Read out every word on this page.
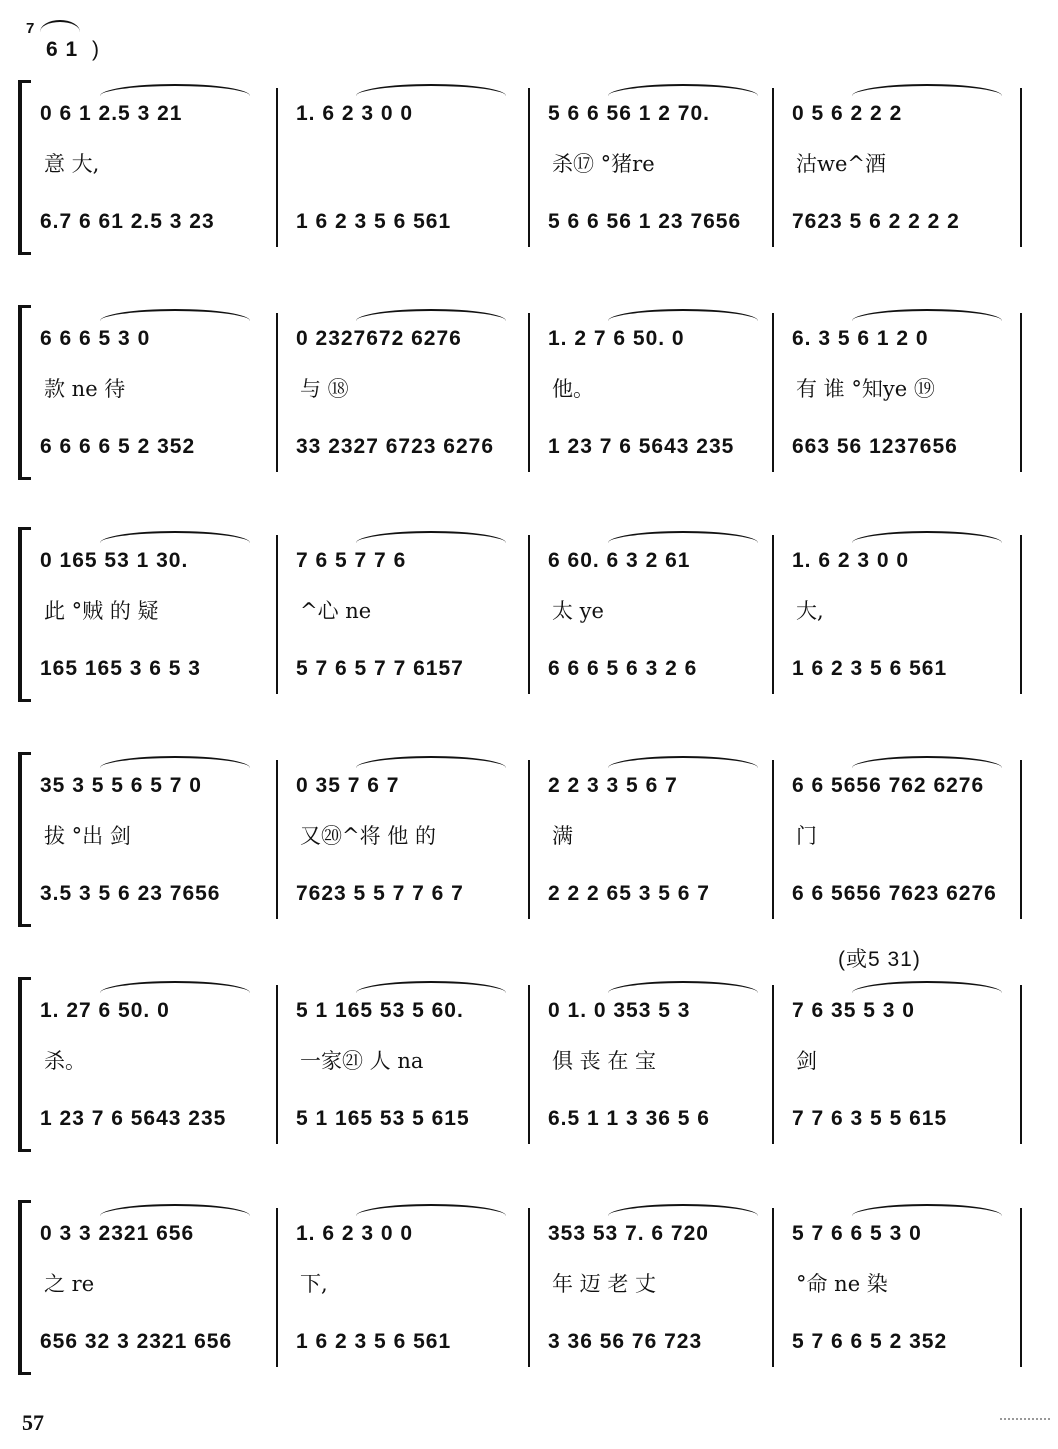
7
6 1 )
0 6 1 2.5 3 21
意 大,
6.7 6 61 2.5 3 23
1. 6 2 3 0 0
1 6 2 3 5 6 561
5 6 6 56 1 2 70.
杀⑰ °猪re
5 6 6 56 1 23 7656
0 5 6 2 2 2
沽we^酒
7623 5 6 2 2 2 2
6 6 6 5 3 0
款 ne 待
6 6 6 6 5 2 352
0 2327672 6276
与 ⑱
33 2327 6723 6276
1. 2 7 6 50. 0
他。
1 23 7 6 5643 235
6. 3 5 6 1 2 0
有 谁 °知ye ⑲
663 56 1237656
0 165 53 1 30.
此 °贼 的 疑
165 165 3 6 5 3
7 6 5 7 7 6
^心 ne
5 7 6 5 7 7 6157
6 60. 6 3 2 61
太 ye
6 6 6 5 6 3 2 6
1. 6 2 3 0 0
大,
1 6 2 3 5 6 561
35 3 5 5 6 5 7 0
拔 °出 剑
3.5 3 5 6 23 7656
0 35 7 6 7
又⑳^将 他 的
7623 5 5 7 7 6 7
2 2 3 3 5 6 7
满
2 2 2 65 3 5 6 7
6 6 5656 762 6276
门
6 6 5656 7623 6276
1. 27 6 50. 0
杀。
1 23 7 6 5643 235
5 1 165 53 5 60.
一家㉑ 人 na
5 1 165 53 5 615
0 1. 0 353 5 3
俱 丧 在 宝
6.5 1 1 3 36 5 6
7 6 35 5 3 0
剑
7 7 6 3 5 5 615
(或5 31)
0 3 3 2321 656
之 re
656 32 3 2321 656
1. 6 2 3 0 0
下,
1 6 2 3 5 6 561
353 53 7. 6 720
年 迈 老 丈
3 36 56 76 723
5 7 6 6 5 3 0
°命 ne 染
5 7 6 6 5 2 352
57
